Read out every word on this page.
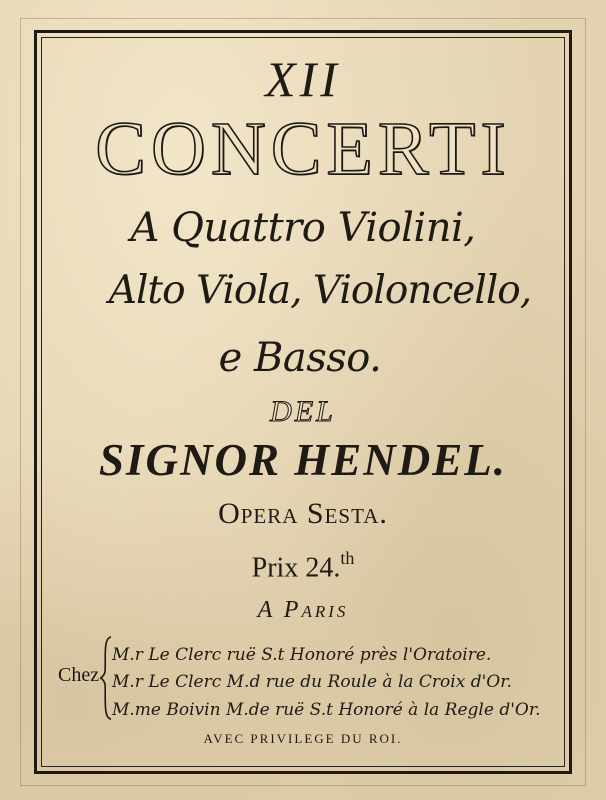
XII
CONCERTI
A Quattro Violini,
Alto Viola, Violoncello,
e Basso.
DEL
SIGNOR HENDEL.
Opera Sesta.
Prix 24.$^{th}$
A Paris
Chez
M.r Le Clerc ruë S.t Honoré près l'Oratoire.
M.r Le Clerc M.d rue du Roule à la Croix d'Or.
M.me Boivin M.de ruë S.t Honoré à la Regle d'Or.
AVEC PRIVILEGE DU ROI.
